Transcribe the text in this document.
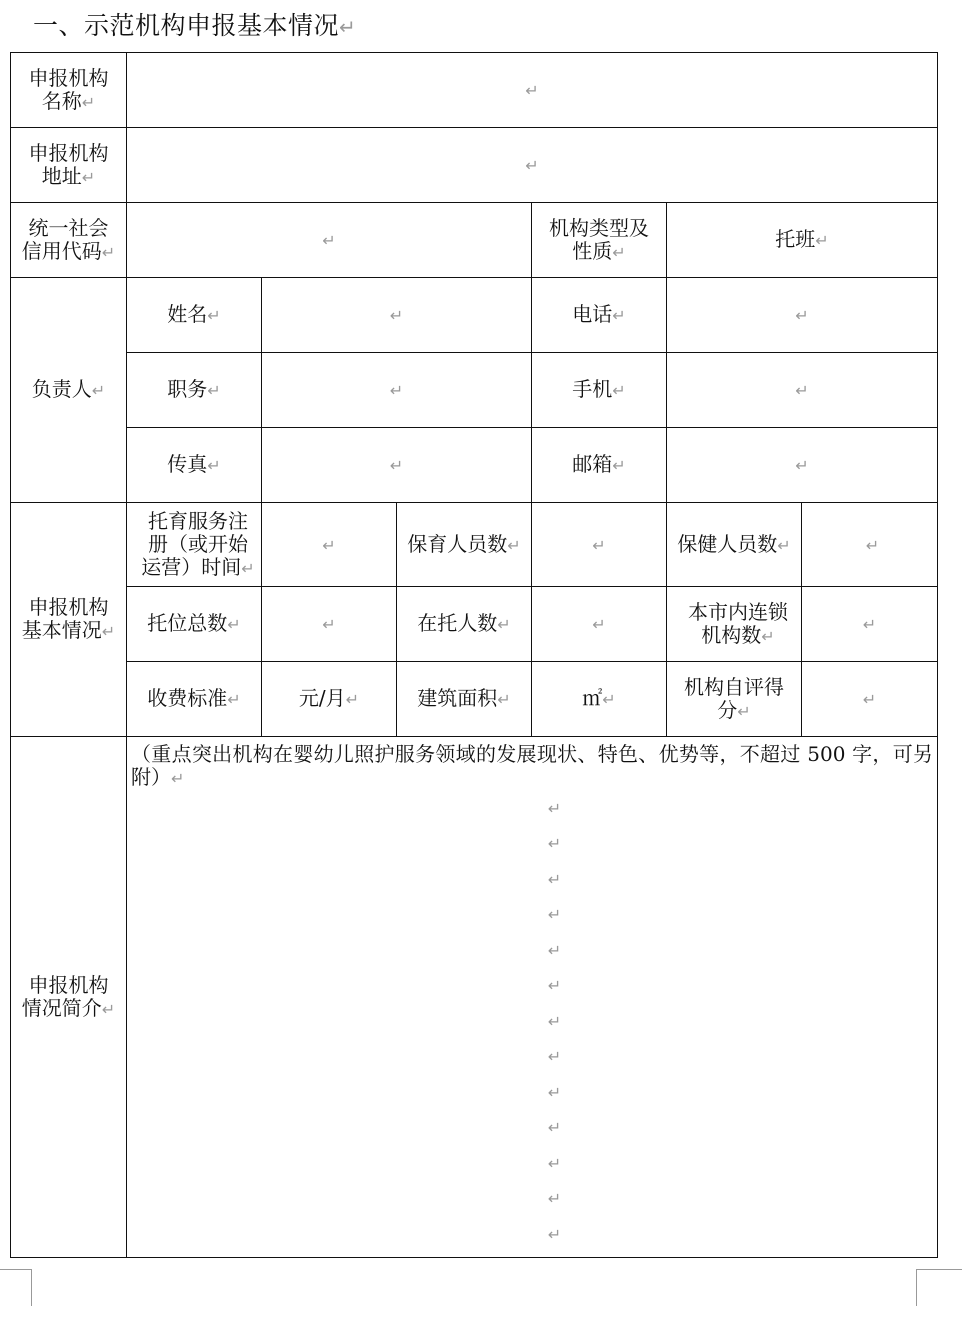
一、示范机构申报基本情况↵
申报机构
名称↵	↵					
申报机构
地址↵	↵					
统一社会
信用代码↵	↵			机构类型及
性质↵	托班↵	
负责人↵	姓名↵	↵		电话↵	↵	
	职务↵	↵		手机↵	↵	
	传真↵	↵		邮箱↵	↵	
申报机构
基本情况↵	托育服务注
册（或开始
运营）时间↵	↵	保育人员数↵	↵	保健人员数↵	↵
	托位总数↵	↵	在托人数↵	↵	本市内连锁
机构数↵	↵
	收费标准↵	元/月↵	建筑面积↵	㎡↵	机构自评得
分↵	↵
申报机构
情况简介↵	
（重点突出机构在婴幼儿照护服务领域的发展现状、特色、优势等，不超过 500 字，可另附）↵
↵
↵
↵
↵
↵
↵
↵
↵
↵
↵
↵
↵
↵
